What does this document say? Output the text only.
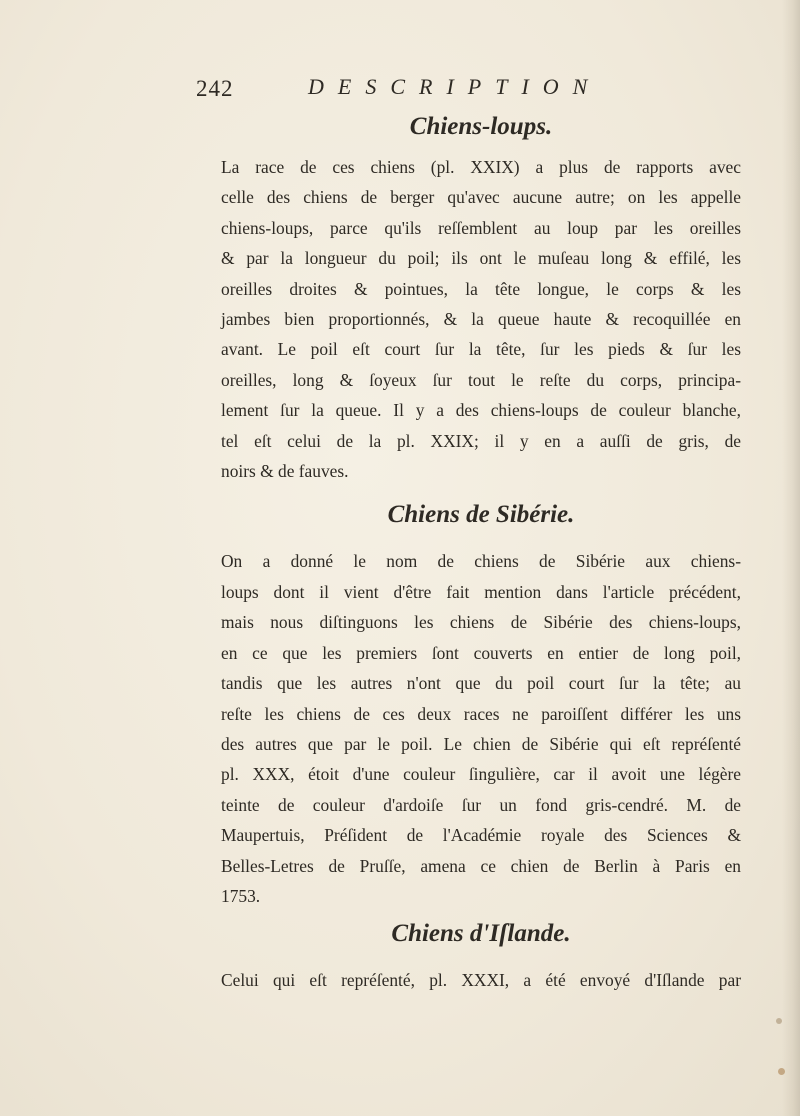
242	DESCRIPTION
Chiens-loups.

La race de ces chiens (pl. XXIX) a plus de rapports avec
celle des chiens de berger qu'avec aucune autre; on les appelle
chiens-loups, parce qu'ils reſſemblent au loup par les oreilles
& par la longueur du poil; ils ont le muſeau long & effilé, les
oreilles droites & pointues, la tête longue, le corps & les
jambes bien proportionnés, & la queue haute & recoquillée en
avant. Le poil eſt court ſur la tête, ſur les pieds & ſur les
oreilles, long & ſoyeux ſur tout le reſte du corps, principa-
lement ſur la queue. Il y a des chiens-loups de couleur blanche,
tel eſt celui de la pl. XXIX; il y en a auſſi de gris, de
noirs & de fauves.

Chiens de Sibérie.

On a donné le nom de chiens de Sibérie aux chiens-
loups dont il vient d'être fait mention dans l'article précédent,
mais nous diſtinguons les chiens de Sibérie des chiens-loups,
en ce que les premiers ſont couverts en entier de long poil,
tandis que les autres n'ont que du poil court ſur la tête; au
reſte les chiens de ces deux races ne paroiſſent différer les uns
des autres que par le poil. Le chien de Sibérie qui eſt repréſenté
pl. XXX, étoit d'une couleur ſingulière, car il avoit une légère
teinte de couleur d'ardoiſe ſur un fond gris-cendré. M. de
Maupertuis, Préſident de l'Académie royale des Sciences &
Belles-Letres de Pruſſe, amena ce chien de Berlin à Paris en
1753.

Chiens d'Iſlande.

Celui qui eſt repréſenté, pl. XXXI, a été envoyé d'Iſlande par
